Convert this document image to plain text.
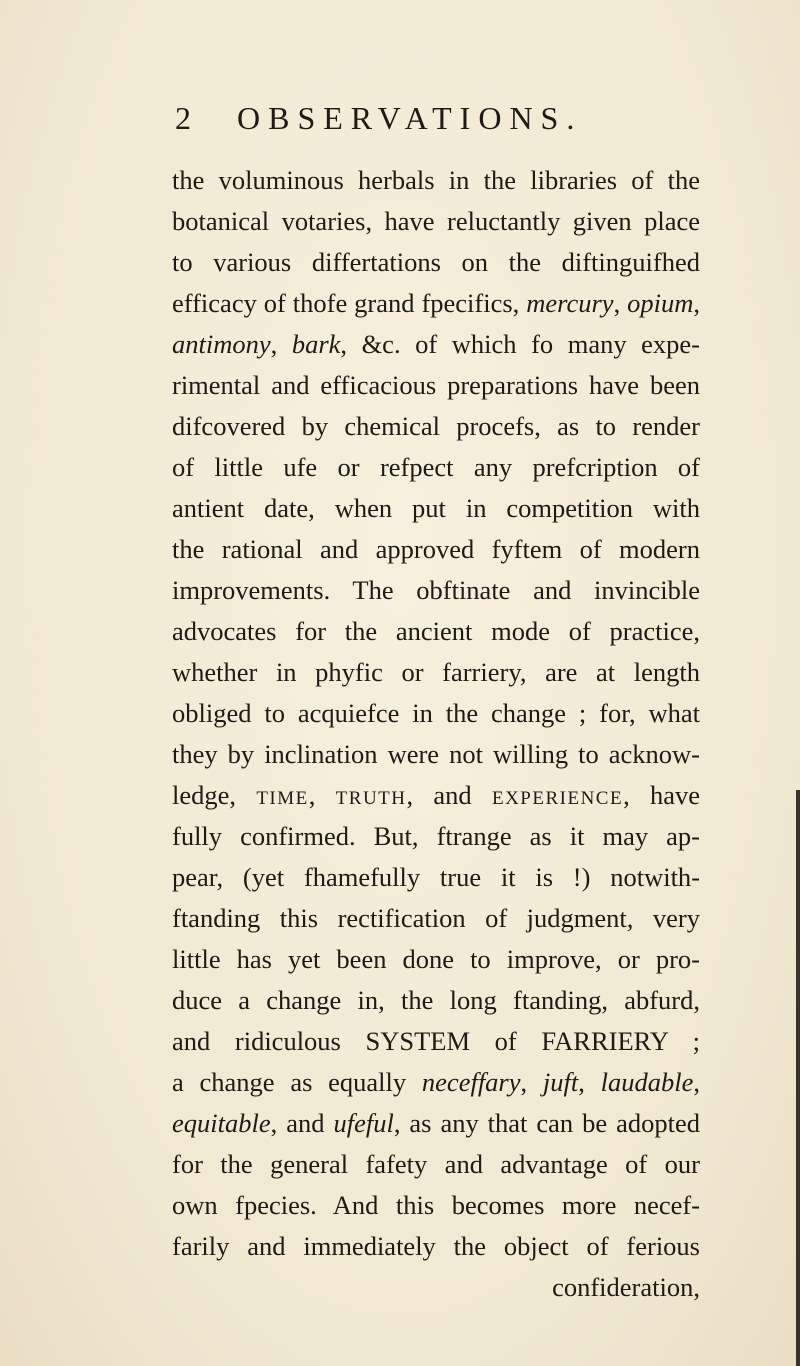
2	OBSERVATIONS.
the voluminous herbals in the libraries of the
botanical votaries, have reluctantly given place
to various differtations on the diftinguifhed
efficacy of thofe grand fpecifics, mercury, opium,
antimony, bark, &c. of which fo many expe-
rimental and efficacious preparations have been
difcovered by chemical procefs, as to render
of little ufe or refpect any prefcription of
antient date, when put in competition with
the rational and approved fyftem of modern
improvements. The obftinate and invincible
advocates for the ancient mode of practice,
whether in phyfic or farriery, are at length
obliged to acquiefce in the change ; for, what
they by inclination were not willing to acknow-
ledge, time, truth, and experience, have
fully confirmed. But, ftrange as it may ap-
pear, (yet fhamefully true it is !) notwith-
ftanding this rectification of judgment, very
little has yet been done to improve, or pro-
duce a change in, the long ftanding, abfurd,
and ridiculous SYSTEM of FARRIERY ;
a change as equally neceffary, juft, laudable,
equitable, and ufeful, as any that can be adopted
for the general fafety and advantage of our
own fpecies. And this becomes more necef-
farily and immediately the object of ferious
confideration,
